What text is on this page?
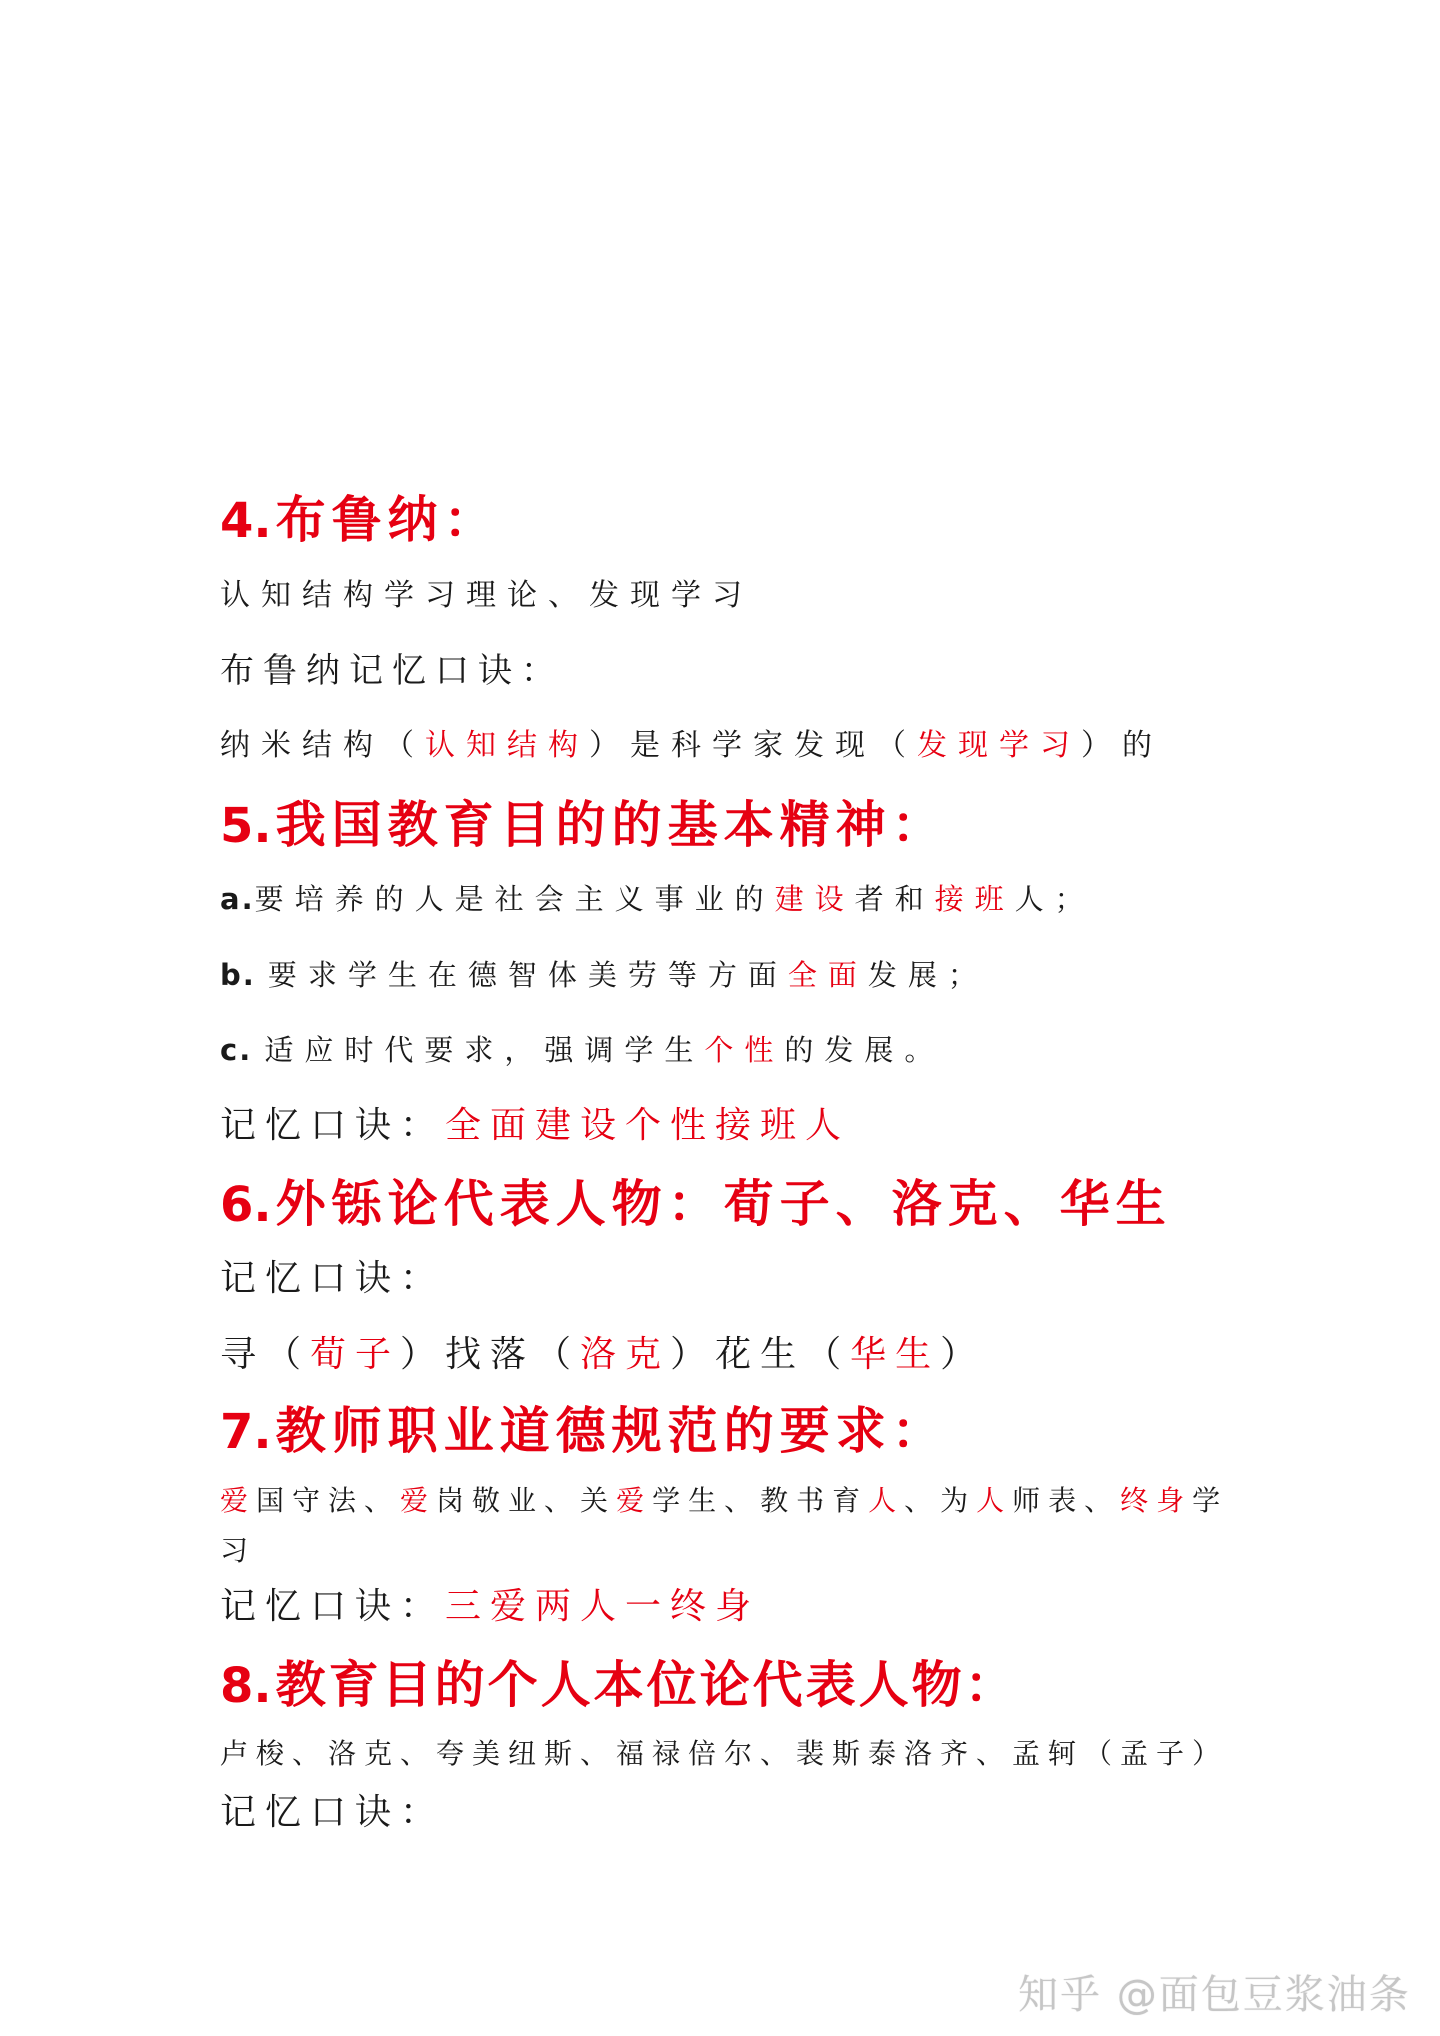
4.布鲁纳：
认知结构学习理论、发现学习
布鲁纳记忆口诀：
纳米结构（认知结构）是科学家发现（发现学习）的
5.我国教育目的的基本精神：
a.要培养的人是社会主义事业的建设者和接班人；
b. 要求学生在德智体美劳等方面全面发展；
c. 适应时代要求，强调学生个性的发展。
记忆口诀：全面建设个性接班人
6.外铄论代表人物：荀子、洛克、华生
记忆口诀：
寻（荀子）找落（洛克）花生（华生）
7.教师职业道德规范的要求：
爱国守法、爱岗敬业、关爱学生、教书育人、为人师表、终身学
习
记忆口诀：三爱两人一终身
8.教育目的个人本位论代表人物：
卢梭、洛克、夸美纽斯、福禄倍尔、裴斯泰洛齐、孟轲（孟子）
记忆口诀：
知乎 @面包豆浆油条
